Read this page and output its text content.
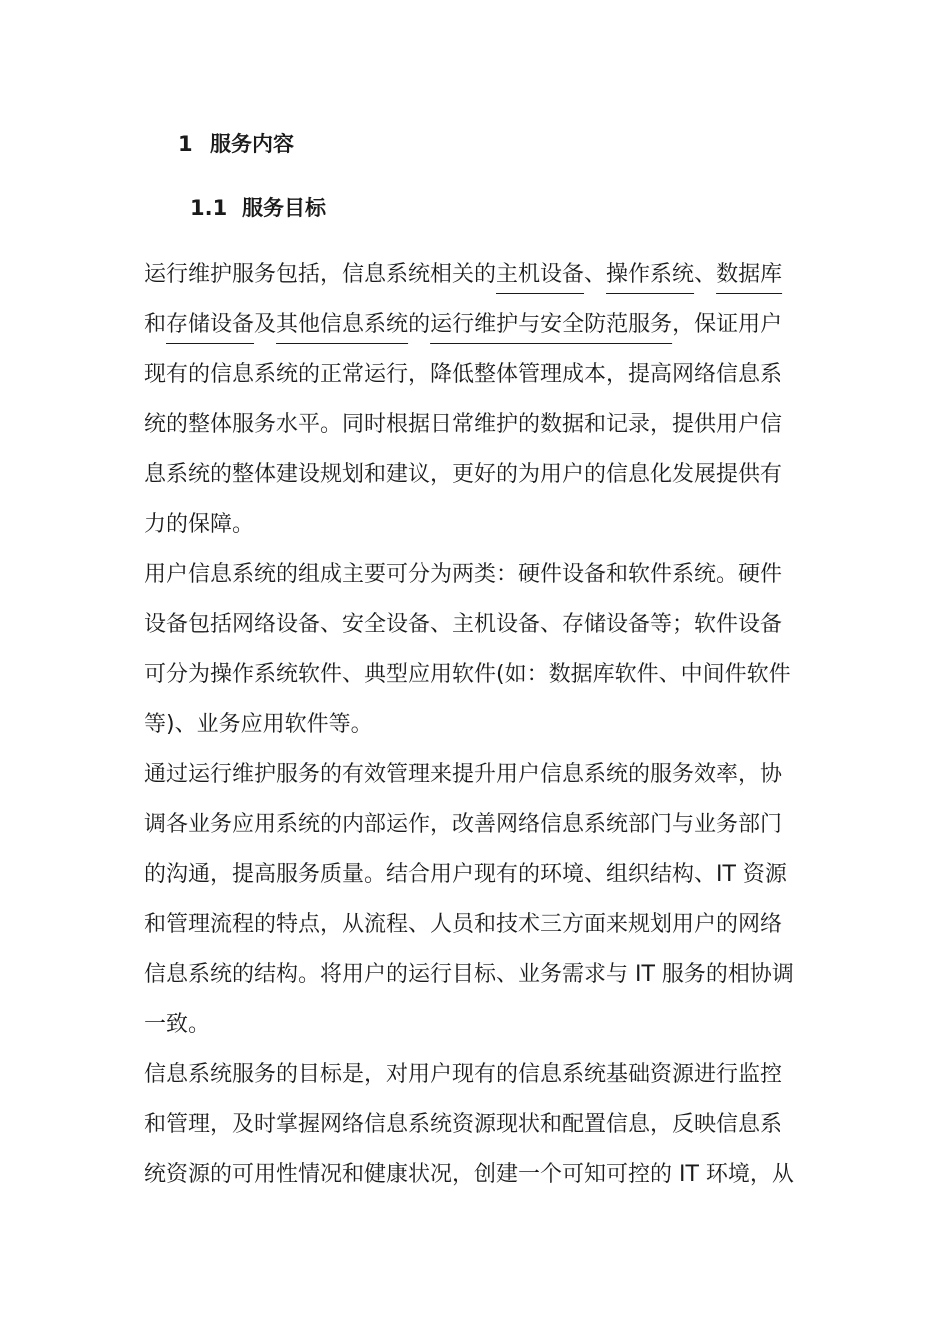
1 服务内容
1.1 服务目标
运行维护服务包括，信息系统相关的主机设备、操作系统、数据库
和存储设备及其他信息系统的运行维护与安全防范服务，保证用户
现有的信息系统的正常运行，降低整体管理成本，提高网络信息系
统的整体服务水平。同时根据日常维护的数据和记录，提供用户信
息系统的整体建设规划和建议，更好的为用户的信息化发展提供有
力的保障。
用户信息系统的组成主要可分为两类：硬件设备和软件系统。硬件
设备包括网络设备、安全设备、主机设备、存储设备等；软件设备
可分为操作系统软件、典型应用软件(如：数据库软件、中间件软件
等)、业务应用软件等。
通过运行维护服务的有效管理来提升用户信息系统的服务效率，协
调各业务应用系统的内部运作，改善网络信息系统部门与业务部门
的沟通，提高服务质量。结合用户现有的环境、组织结构、IT 资源
和管理流程的特点，从流程、人员和技术三方面来规划用户的网络
信息系统的结构。将用户的运行目标、业务需求与 IT 服务的相协调
一致。
信息系统服务的目标是，对用户现有的信息系统基础资源进行监控
和管理，及时掌握网络信息系统资源现状和配置信息，反映信息系
统资源的可用性情况和健康状况，创建一个可知可控的 IT 环境，从
